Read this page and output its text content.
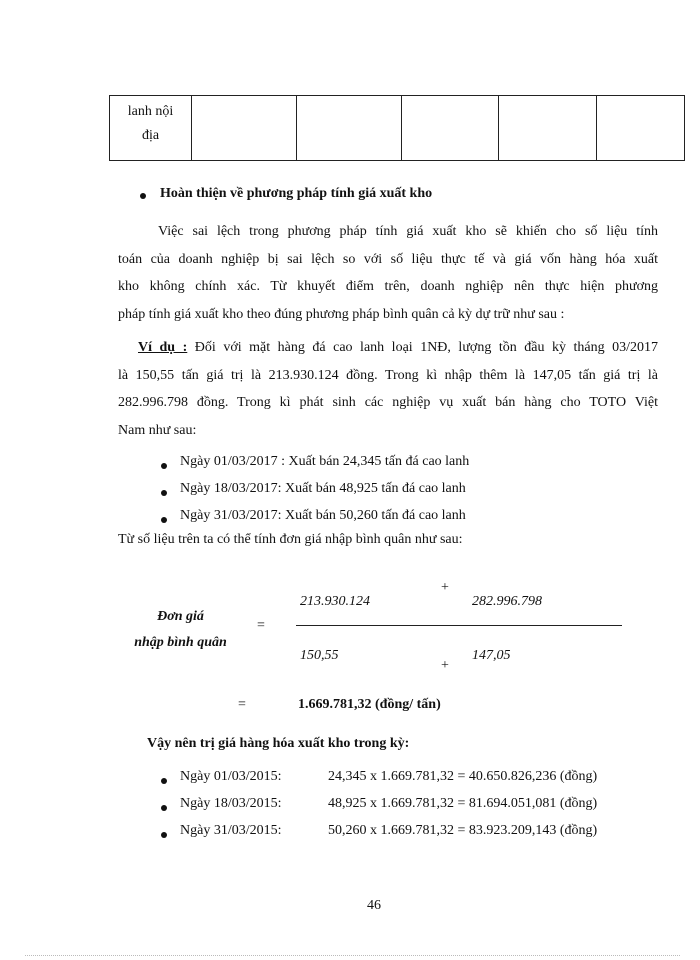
lanh nội
địa					
Hoàn thiện về phương pháp tính giá xuất kho
Việc sai lệch trong phương pháp tính giá xuất kho sẽ khiến cho số liệu tính
toán của doanh nghiệp bị sai lệch so với số liệu thực tế và giá vốn hàng hóa xuất
kho không chính xác. Từ khuyết điểm trên, doanh nghiệp nên thực hiện phương
pháp tính giá xuất kho theo đúng phương pháp bình quân cả kỳ dự trữ như sau :
Ví dụ : Đối với mặt hàng đá cao lanh loại 1NĐ, lượng tồn đầu kỳ tháng 03/2017
là 150,55 tấn giá trị là 213.930.124 đồng. Trong kì nhập thêm là 147,05 tấn giá trị là
282.996.798 đồng. Trong kì phát sinh các nghiệp vụ xuất bán hàng cho TOTO Việt
Nam như sau:
Ngày 01/03/2017 : Xuất bán 24,345 tấn đá cao lanh
Ngày 18/03/2017: Xuất bán 48,925 tấn đá cao lanh
Ngày 31/03/2017: Xuất bán 50,260 tấn đá cao lanh
Từ số liệu trên ta có thể tính đơn giá nhập bình quân như sau:
Đơn giá
nhập bình quân
=
213.930.124
+
282.996.798
150,55
+
147,05
=	1.669.781,32 (đồng/ tấn)
Vậy nên trị giá hàng hóa xuất kho trong kỳ:
Ngày 01/03/2015:	24,345 x 1.669.781,32 = 40.650.826,236 (đồng)
Ngày 18/03/2015:	48,925 x 1.669.781,32 = 81.694.051,081 (đồng)
Ngày 31/03/2015:	50,260 x 1.669.781,32 = 83.923.209,143 (đồng)
46
